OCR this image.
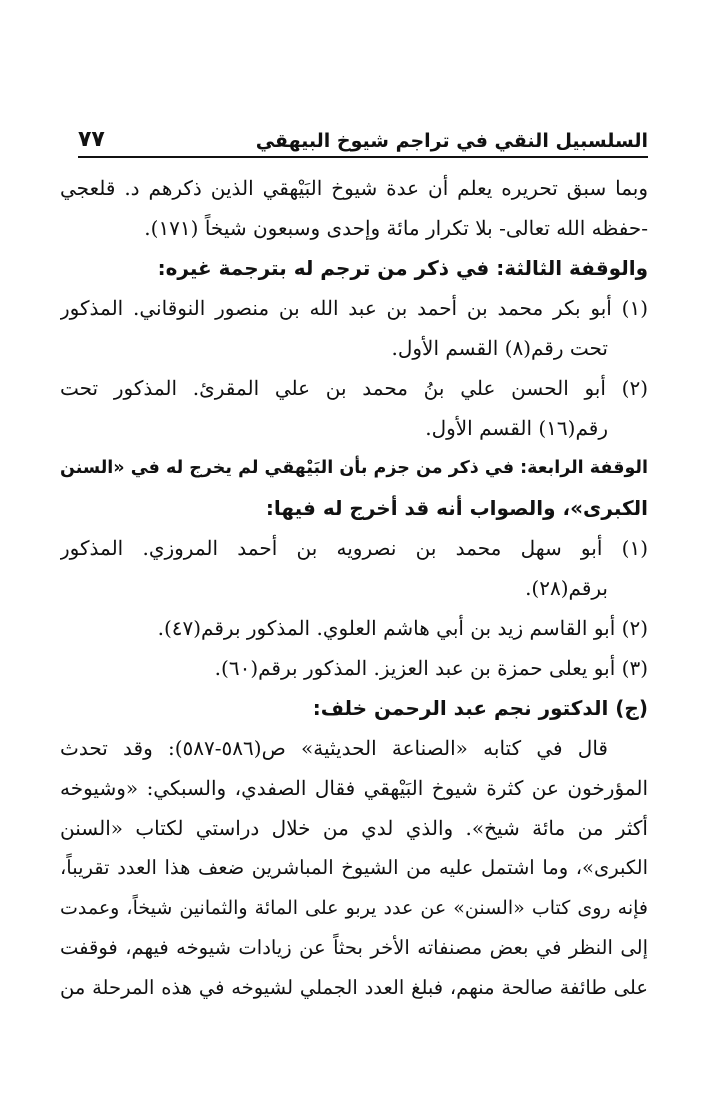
السلسبيل النقي في تراجم شيوخ البيهقي
٧٧
وبما سبق تحريره يعلم أن عدة شيوخ البَيْهقي الذين ذكرهم د. قلعجي
-حفظه الله تعالى- بلا تكرار مائة وإحدى وسبعون شيخاً (١٧١).
والوقفة الثالثة: في ذكر من ترجم له بترجمة غيره:
(١) أبو بكر محمد بن أحمد بن عبد الله بن منصور النوقاني. المذكور
تحت رقم(٨) القسم الأول.
(٢) أبو الحسن علي بنُ محمد بن علي المقرئ. المذكور تحت
رقم(١٦) القسم الأول.
الوقفة الرابعة: في ذكر من جزم بأن البَيْهقي لم يخرج له في «السنن
الكبرى»، والصواب أنه قد أخرج له فيها:
(١) أبو سهل محمد بن نصرويه بن أحمد المروزي. المذكور
برقم(٢٨).
(٢) أبو القاسم زيد بن أبي هاشم العلوي. المذكور برقم(٤٧).
(٣) أبو يعلى حمزة بن عبد العزيز. المذكور برقم(٦٠).
(ج) الدكتور نجم عبد الرحمن خلف:
قال في كتابه «الصناعة الحديثية» ص(٥٨٦-٥٨٧): وقد تحدث
المؤرخون عن كثرة شيوخ البَيْهقي فقال الصفدي، والسبكي: «وشيوخه
أكثر من مائة شيخ». والذي لدي من خلال دراستي لكتاب «السنن
الكبرى»، وما اشتمل عليه من الشيوخ المباشرين ضعف هذا العدد تقريباً،
فإنه روى كتاب «السنن» عن عدد يربو على المائة والثمانين شيخاً، وعمدت
إلى النظر في بعض مصنفاته الأخر بحثاً عن زيادات شيوخه فيهم، فوقفت
على طائفة صالحة منهم، فبلغ العدد الجملي لشيوخه في هذه المرحلة من
